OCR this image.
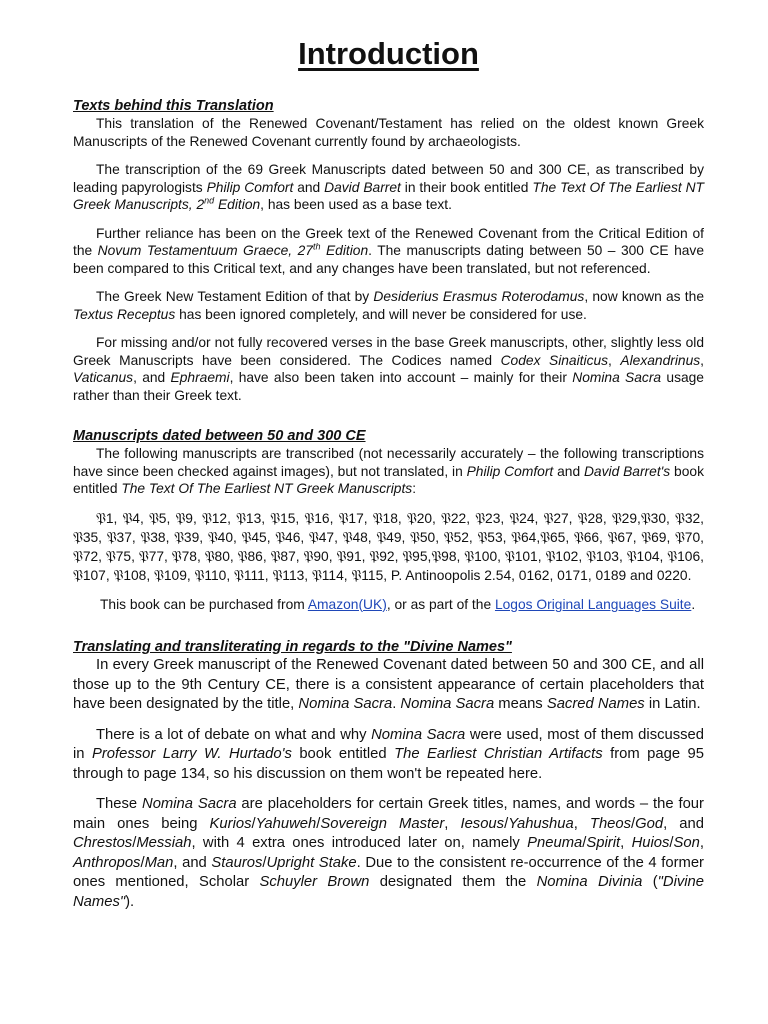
Introduction
Texts behind this Translation

This translation of the Renewed Covenant/Testament has relied on the oldest known Greek Manuscripts of the Renewed Covenant currently found by archaeologists.

The transcription of the 69 Greek Manuscripts dated between 50 and 300 CE, as transcribed by leading papyrologists Philip Comfort and David Barret in their book entitled The Text Of The Earliest NT Greek Manuscripts, 2nd Edition, has been used as a base text.

Further reliance has been on the Greek text of the Renewed Covenant from the Critical Edition of the Novum Testamentuum Graece, 27th Edition. The manuscripts dating between 50 – 300 CE have been compared to this Critical text, and any changes have been translated, but not referenced.

The Greek New Testament Edition of that by Desiderius Erasmus Roterodamus, now known as the Textus Receptus has been ignored completely, and will never be considered for use.

For missing and/or not fully recovered verses in the base Greek manuscripts, other, slightly less old Greek Manuscripts have been considered. The Codices named Codex Sinaiticus, Alexandrinus, Vaticanus, and Ephraemi, have also been taken into account – mainly for their Nomina Sacra usage rather than their Greek text.

Manuscripts dated between 50 and 300 CE

The following manuscripts are transcribed (not necessarily accurately – the following transcriptions have since been checked against images), but not translated, in Philip Comfort and David Barret's book entitled The Text Of The Earliest NT Greek Manuscripts:

𝔓1, 𝔓4, 𝔓5, 𝔓9, 𝔓12, 𝔓13, 𝔓15, 𝔓16, 𝔓17, 𝔓18, 𝔓20, 𝔓22, 𝔓23, 𝔓24, 𝔓27, 𝔓28, 𝔓29,𝔓30, 𝔓32, 𝔓35, 𝔓37, 𝔓38, 𝔓39, 𝔓40, 𝔓45, 𝔓46, 𝔓47, 𝔓48, 𝔓49, 𝔓50, 𝔓52, 𝔓53, 𝔓64,𝔓65, 𝔓66, 𝔓67, 𝔓69, 𝔓70, 𝔓72, 𝔓75, 𝔓77, 𝔓78, 𝔓80, 𝔓86, 𝔓87, 𝔓90, 𝔓91, 𝔓92, 𝔓95,𝔓98, 𝔓100, 𝔓101, 𝔓102, 𝔓103, 𝔓104, 𝔓106, 𝔓107, 𝔓108, 𝔓109, 𝔓110, 𝔓111, 𝔓113, 𝔓114, 𝔓115, P. Antinoopolis 2.54, 0162, 0171, 0189 and 0220.

This book can be purchased from Amazon(UK), or as part of the Logos Original Languages Suite.

Translating and transliterating in regards to the "Divine Names"

In every Greek manuscript of the Renewed Covenant dated between 50 and 300 CE, and all those up to the 9th Century CE, there is a consistent appearance of certain placeholders that have been designated by the title, Nomina Sacra. Nomina Sacra means Sacred Names in Latin.

There is a lot of debate on what and why Nomina Sacra were used, most of them discussed in Professor Larry W. Hurtado's book entitled The Earliest Christian Artifacts from page 95 through to page 134, so his discussion on them won't be repeated here.

These Nomina Sacra are placeholders for certain Greek titles, names, and words – the four main ones being Kurios/Yahuweh/Sovereign Master, Iesous/Yahushua, Theos/God, and Chrestos/Messiah, with 4 extra ones introduced later on, namely Pneuma/Spirit, Huios/Son, Anthropos/Man, and Stauros/Upright Stake. Due to the consistent re-occurrence of the 4 former ones mentioned, Scholar Schuyler Brown designated them the Nomina Divinia ("Divine Names").
